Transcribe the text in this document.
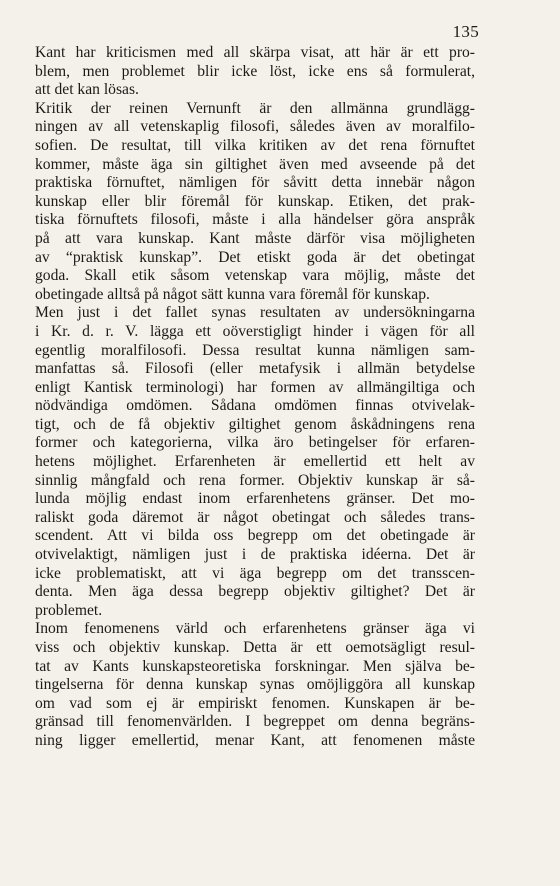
135
Kant har kriticismen med all skärpa visat, att här är ett pro-
blem, men problemet blir icke löst, icke ens så formulerat,
att det kan lösas.
Kritik der reinen Vernunft är den allmänna grundlägg-
ningen av all vetenskaplig filosofi, således även av moralfilo-
sofien. De resultat, till vilka kritiken av det rena förnuftet
kommer, måste äga sin giltighet även med avseende på det
praktiska förnuftet, nämligen för såvitt detta innebär någon
kunskap eller blir föremål för kunskap. Etiken, det prak-
tiska förnuftets filosofi, måste i alla händelser göra anspråk
på att vara kunskap. Kant måste därför visa möjligheten
av “praktisk kunskap”. Det etiskt goda är det obetingat
goda. Skall etik såsom vetenskap vara möjlig, måste det
obetingade alltså på något sätt kunna vara föremål för kunskap.
Men just i det fallet synas resultaten av undersökningarna
i Kr. d. r. V. lägga ett oöverstigligt hinder i vägen för all
egentlig moralfilosofi. Dessa resultat kunna nämligen sam-
manfattas så. Filosofi (eller metafysik i allmän betydelse
enligt Kantisk terminologi) har formen av allmängiltiga och
nödvändiga omdömen. Sådana omdömen finnas otvivelak-
tigt, och de få objektiv giltighet genom åskådningens rena
former och kategorierna, vilka äro betingelser för erfaren-
hetens möjlighet. Erfarenheten är emellertid ett helt av
sinnlig mångfald och rena former. Objektiv kunskap är så-
lunda möjlig endast inom erfarenhetens gränser. Det mo-
raliskt goda däremot är något obetingat och således trans-
scendent. Att vi bilda oss begrepp om det obetingade är
otvivelaktigt, nämligen just i de praktiska idéerna. Det är
icke problematiskt, att vi äga begrepp om det transscen-
denta. Men äga dessa begrepp objektiv giltighet? Det är
problemet.
Inom fenomenens värld och erfarenhetens gränser äga vi
viss och objektiv kunskap. Detta är ett oemotsägligt resul-
tat av Kants kunskapsteoretiska forskningar. Men själva be-
tingelserna för denna kunskap synas omöjliggöra all kunskap
om vad som ej är empiriskt fenomen. Kunskapen är be-
gränsad till fenomenvärlden. I begreppet om denna begräns-
ning ligger emellertid, menar Kant, att fenomenen måste
